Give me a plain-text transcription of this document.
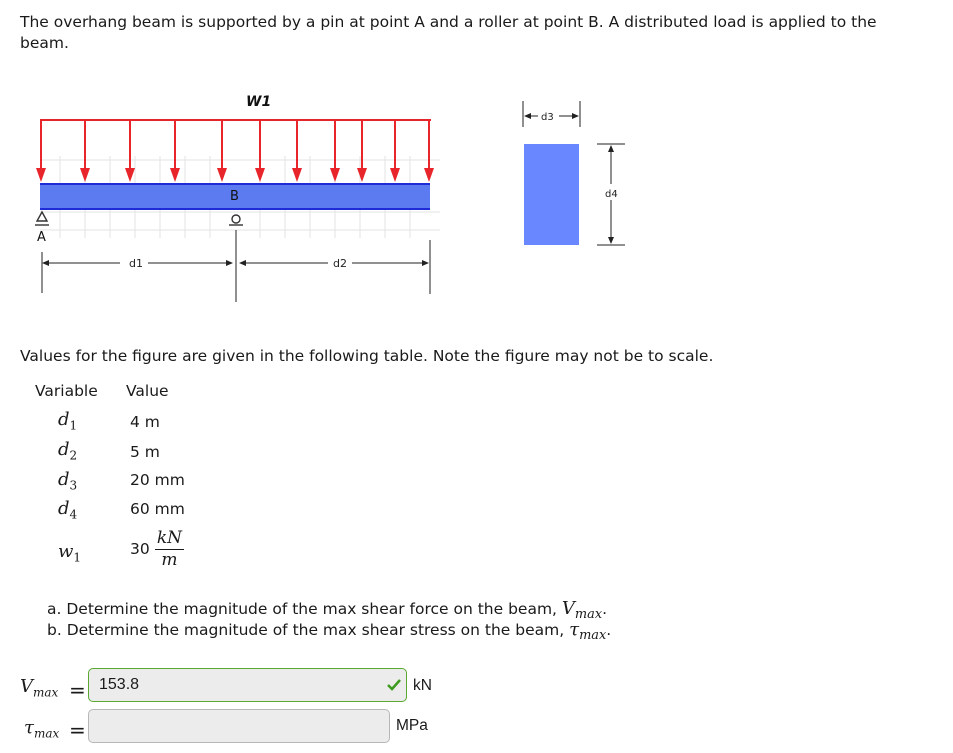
The overhang beam is supported by a pin at point A and a roller at point B. A distributed load is applied to the beam.
W1
B
A
d1	d2
d3
d4
Values for the figure are given in the following table. Note the figure may not be to scale.
Variable Value
$d_1$	4 m
$d_2$	5 m
$d_3$	20 mm
$d_4$	60 mm
$w_1$	$30 \frac{kN}{m}$
a. Determine the magnitude of the max shear force on the beam, $V_{max}$.
b. Determine the magnitude of the max shear stress on the beam, $\tau_{max}$.
$V_{max} = 153.8$	kN
$\tau_{max}$ =	MPa
